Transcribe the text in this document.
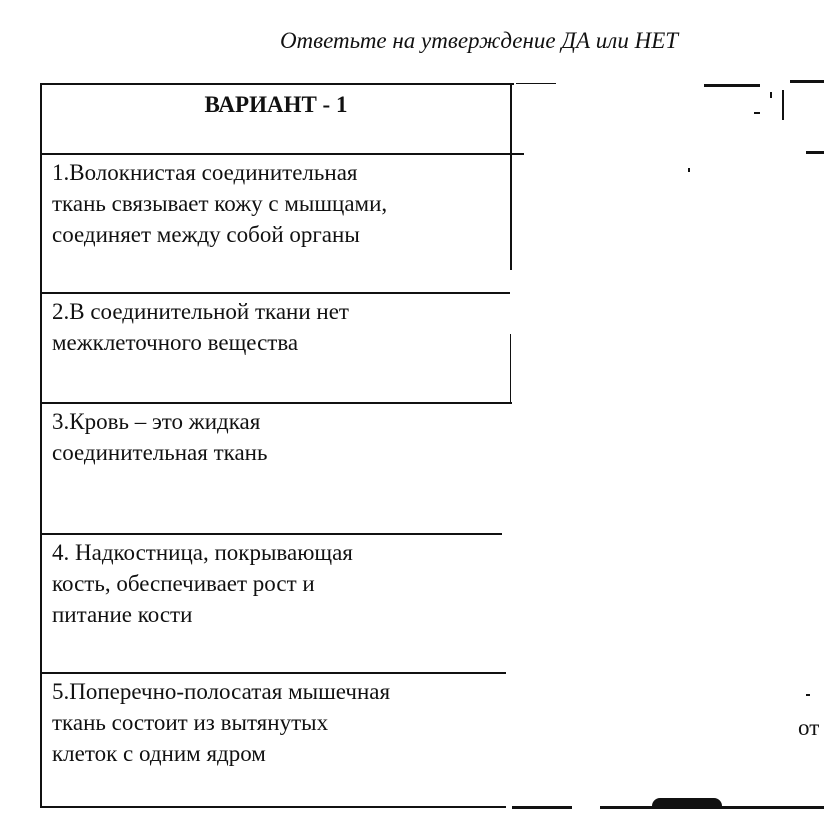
Ответьте на утверждение ДА или НЕТ
ВАРИАНТ - 1
1.Волокнистая соединительная
ткань связывает кожу с мышцами,
соединяет между собой органы
2.В соединительной ткани нет
межклеточного вещества
3.Кровь – это жидкая
соединительная ткань
4. Надкостница, покрывающая
кость, обеспечивает рост и
питание кости
5.Поперечно-полосатая мышечная
ткань состоит из вытянутых
клеток с одним ядром
от
